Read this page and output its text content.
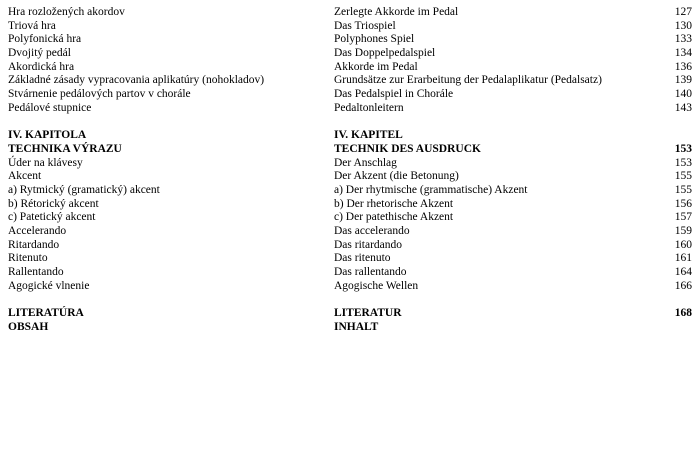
Hra rozložených akordov	Zerlegte Akkorde im Pedal	127
Triová hra	Das Triospiel	130
Polyfonická hra	Polyphones Spiel	133
Dvojitý pedál	Das Doppelpedalspiel	134
Akordická hra	Akkorde im Pedal	136
Základné zásady vypracovania aplikatúry (nohokladov)	Grundsätze zur Erarbeitung der Pedalaplikatur (Pedalsatz)	139
Stvárnenie pedálových partov v chorále	Das Pedalspiel in Chorále	140
Pedálové stupnice	Pedaltonleitern	143
IV. KAPITOLA	IV. KAPITEL
TECHNIKA VÝRAZU	TECHNIK DES AUSDRUCK	153
Úder na klávesy	Der Anschlag	153
Akcent	Der Akzent (die Betonung)	155
a) Rytmický (gramatický) akcent	a) Der rhytmische (grammatische) Akzent	155
b) Rétorický akcent	b) Der rhetorische Akzent	156
c) Patetický akcent	c) Der patethische Akzent	157
Accelerando	Das accelerando	159
Ritardando	Das ritardando	160
Ritenuto	Das ritenuto	161
Rallentando	Das rallentando	164
Agogické vlnenie	Agogische Wellen	166
LITERATÚRA	LITERATUR	168
OBSAH	INHALT
